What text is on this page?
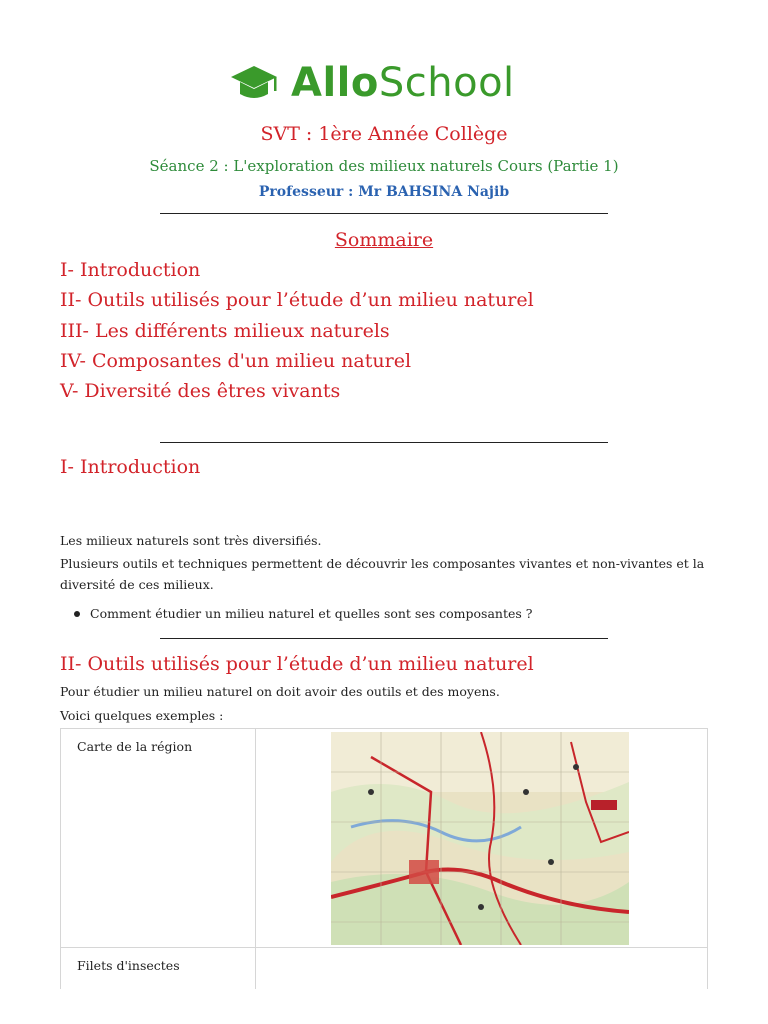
AlloSchool
SVT : 1ère Année Collège
Séance 2 : L'exploration des milieux naturels Cours (Partie 1)
Professeur : Mr BAHSINA Najib
Sommaire
I- Introduction
II- Outils utilisés pour l’étude d’un milieu naturel
III- Les différents milieux naturels
IV- Composantes d'un milieu naturel
V- Diversité des êtres vivants
I- Introduction
Les milieux naturels sont très diversifiés.
Plusieurs outils et techniques permettent de découvrir les composantes vivantes et non-vivantes et la
diversité de ces milieux.
Comment étudier un milieu naturel et quelles sont ses composantes ?
II- Outils utilisés pour l’étude d’un milieu naturel
Pour étudier un milieu naturel on doit avoir des outils et des moyens.
Voici quelques exemples :
Carte de la région
Filets d'insectes
